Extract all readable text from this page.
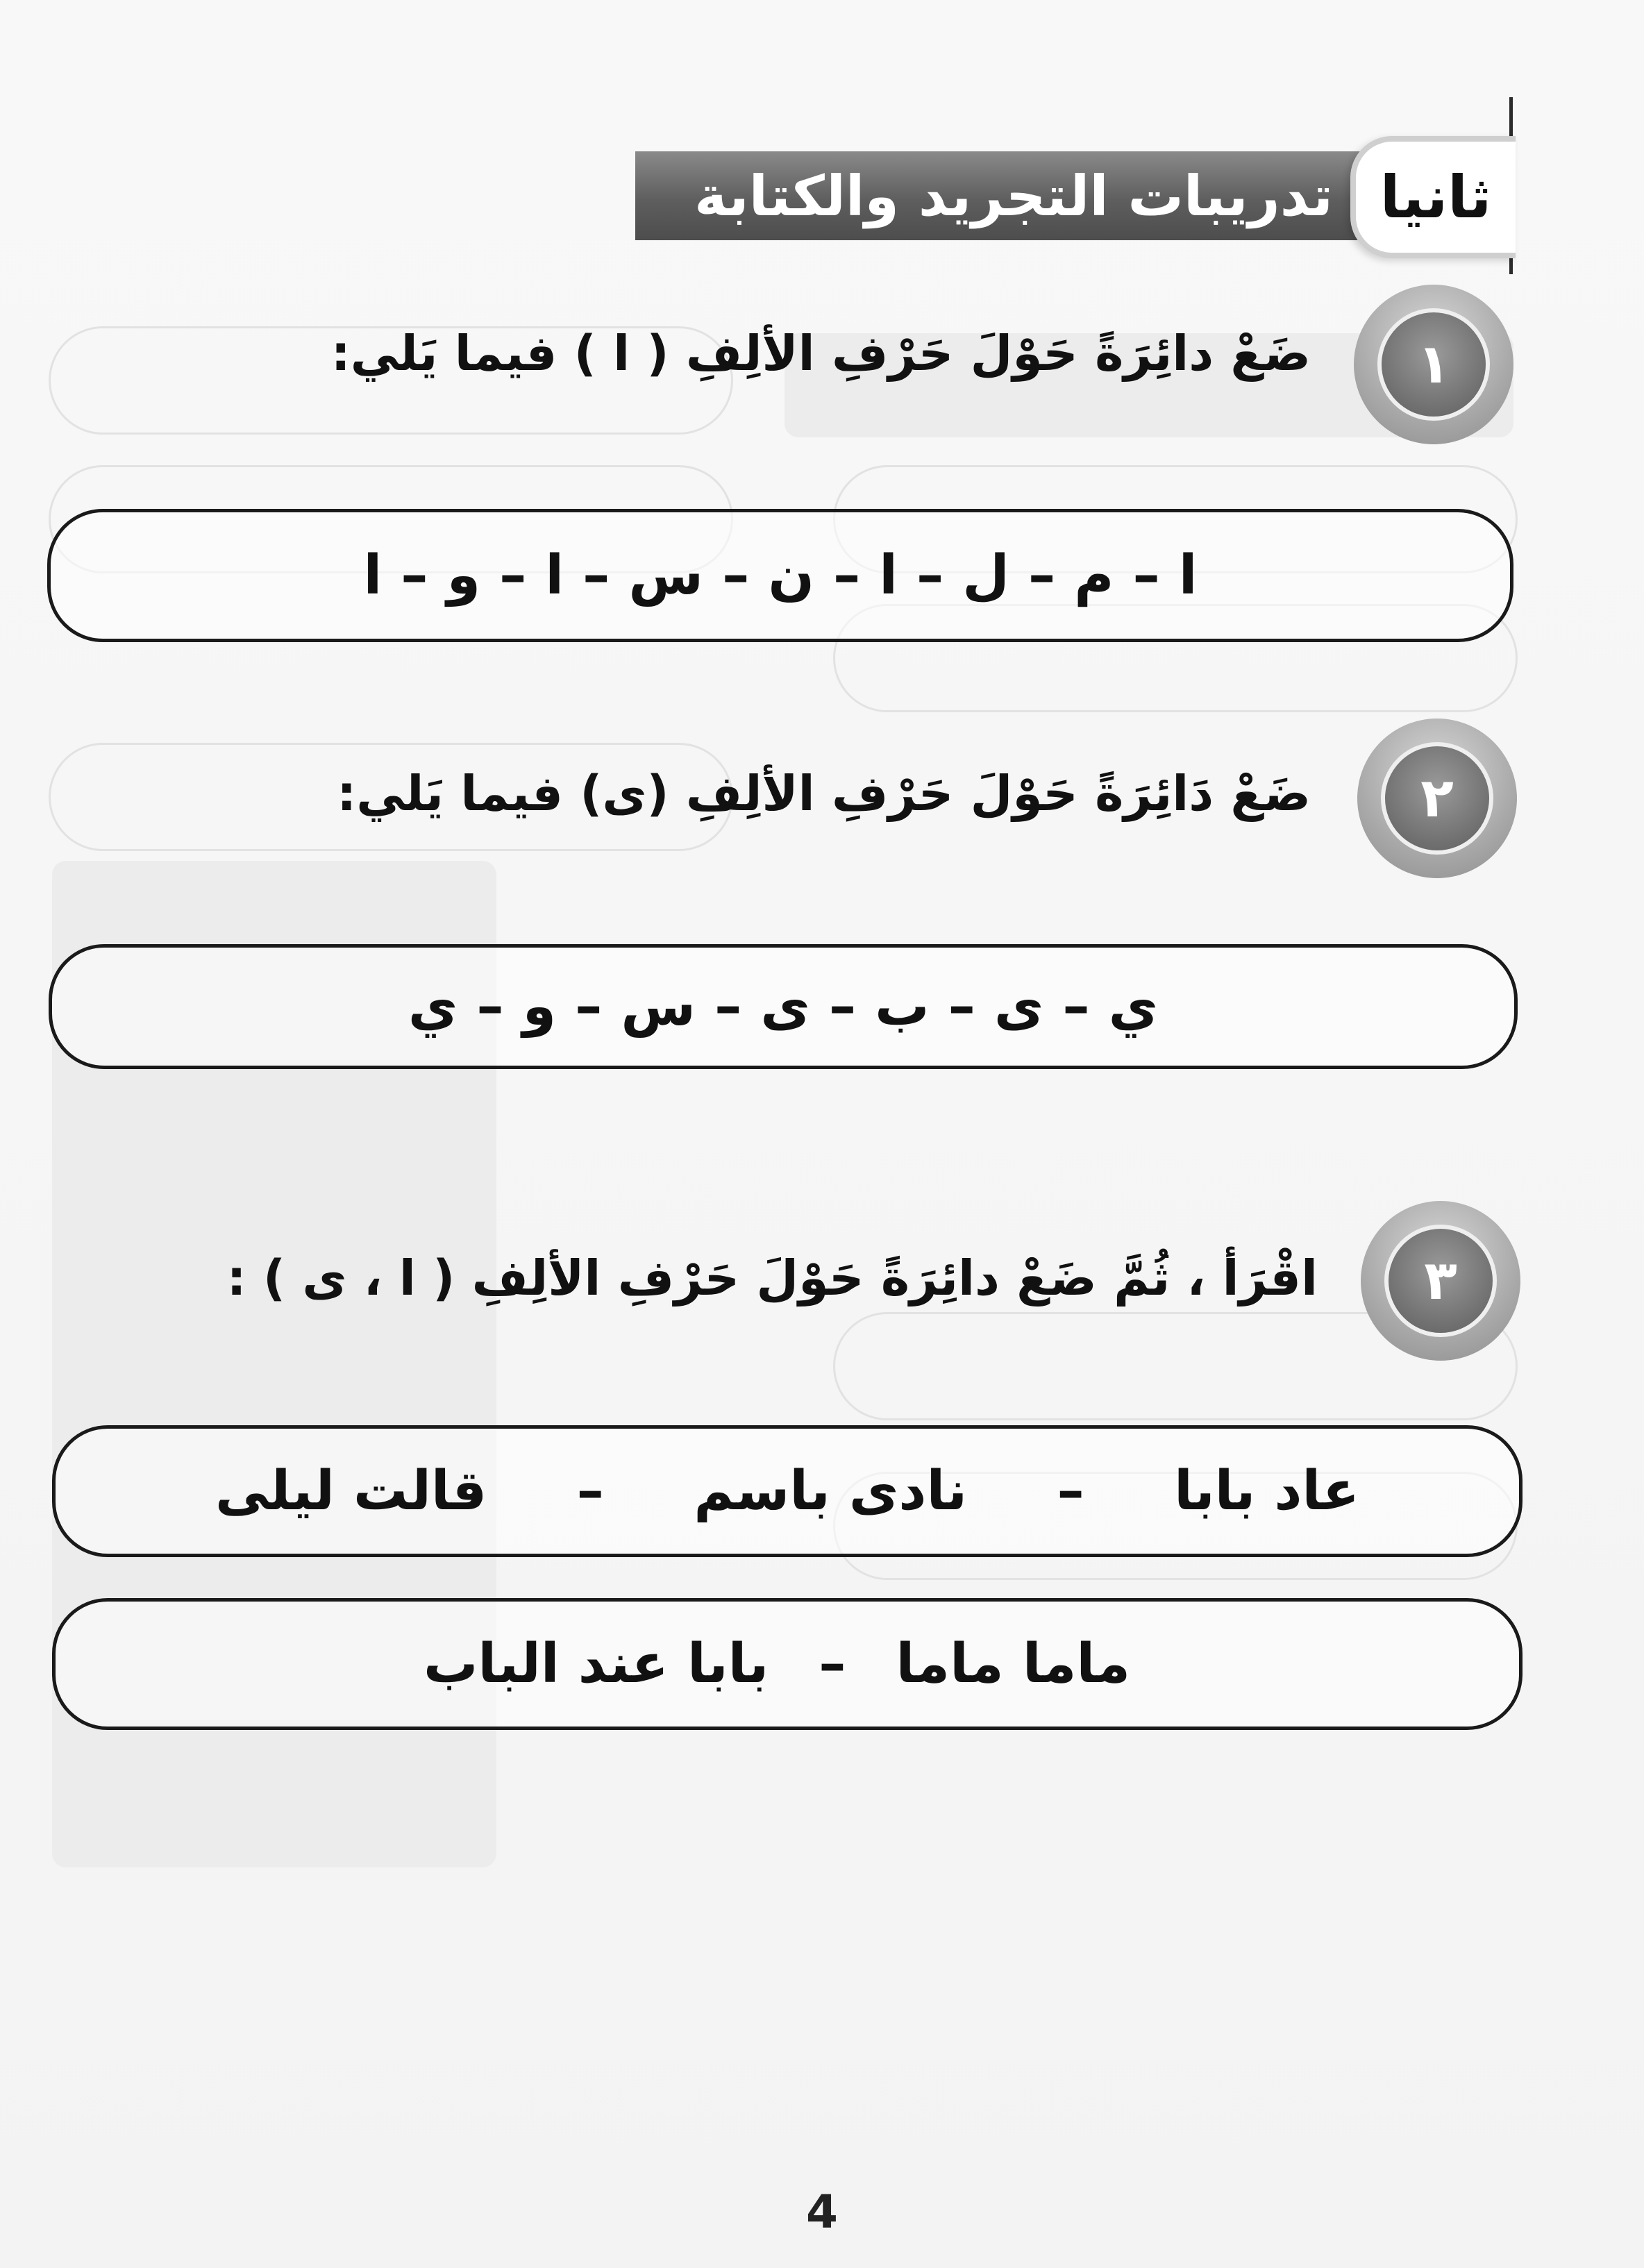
تدريبات التجريد والكتابة ثانيا
١
ضَعْ دائِرَةً حَوْلَ حَرْفِ الألِفِ ( ا ) فيما يَلي:
ا – م – ل – ا – ن – س – ا – و – ا
٢
ضَعْ دَائِرَةً حَوْلَ حَرْفِ الألِفِ (ى) فيما يَلي:
ي – ى – ب – ى – س – و – ي
٣
اقْرَأ ، ثُمَّ ضَعْ دائِرَةً حَوْلَ حَرْفِ الألِفِ ( ا ، ى ) :
عاد بابا
–
نادى باسم
–
قالت ليلى
ماما ماما
–
بابا عند الباب
4
